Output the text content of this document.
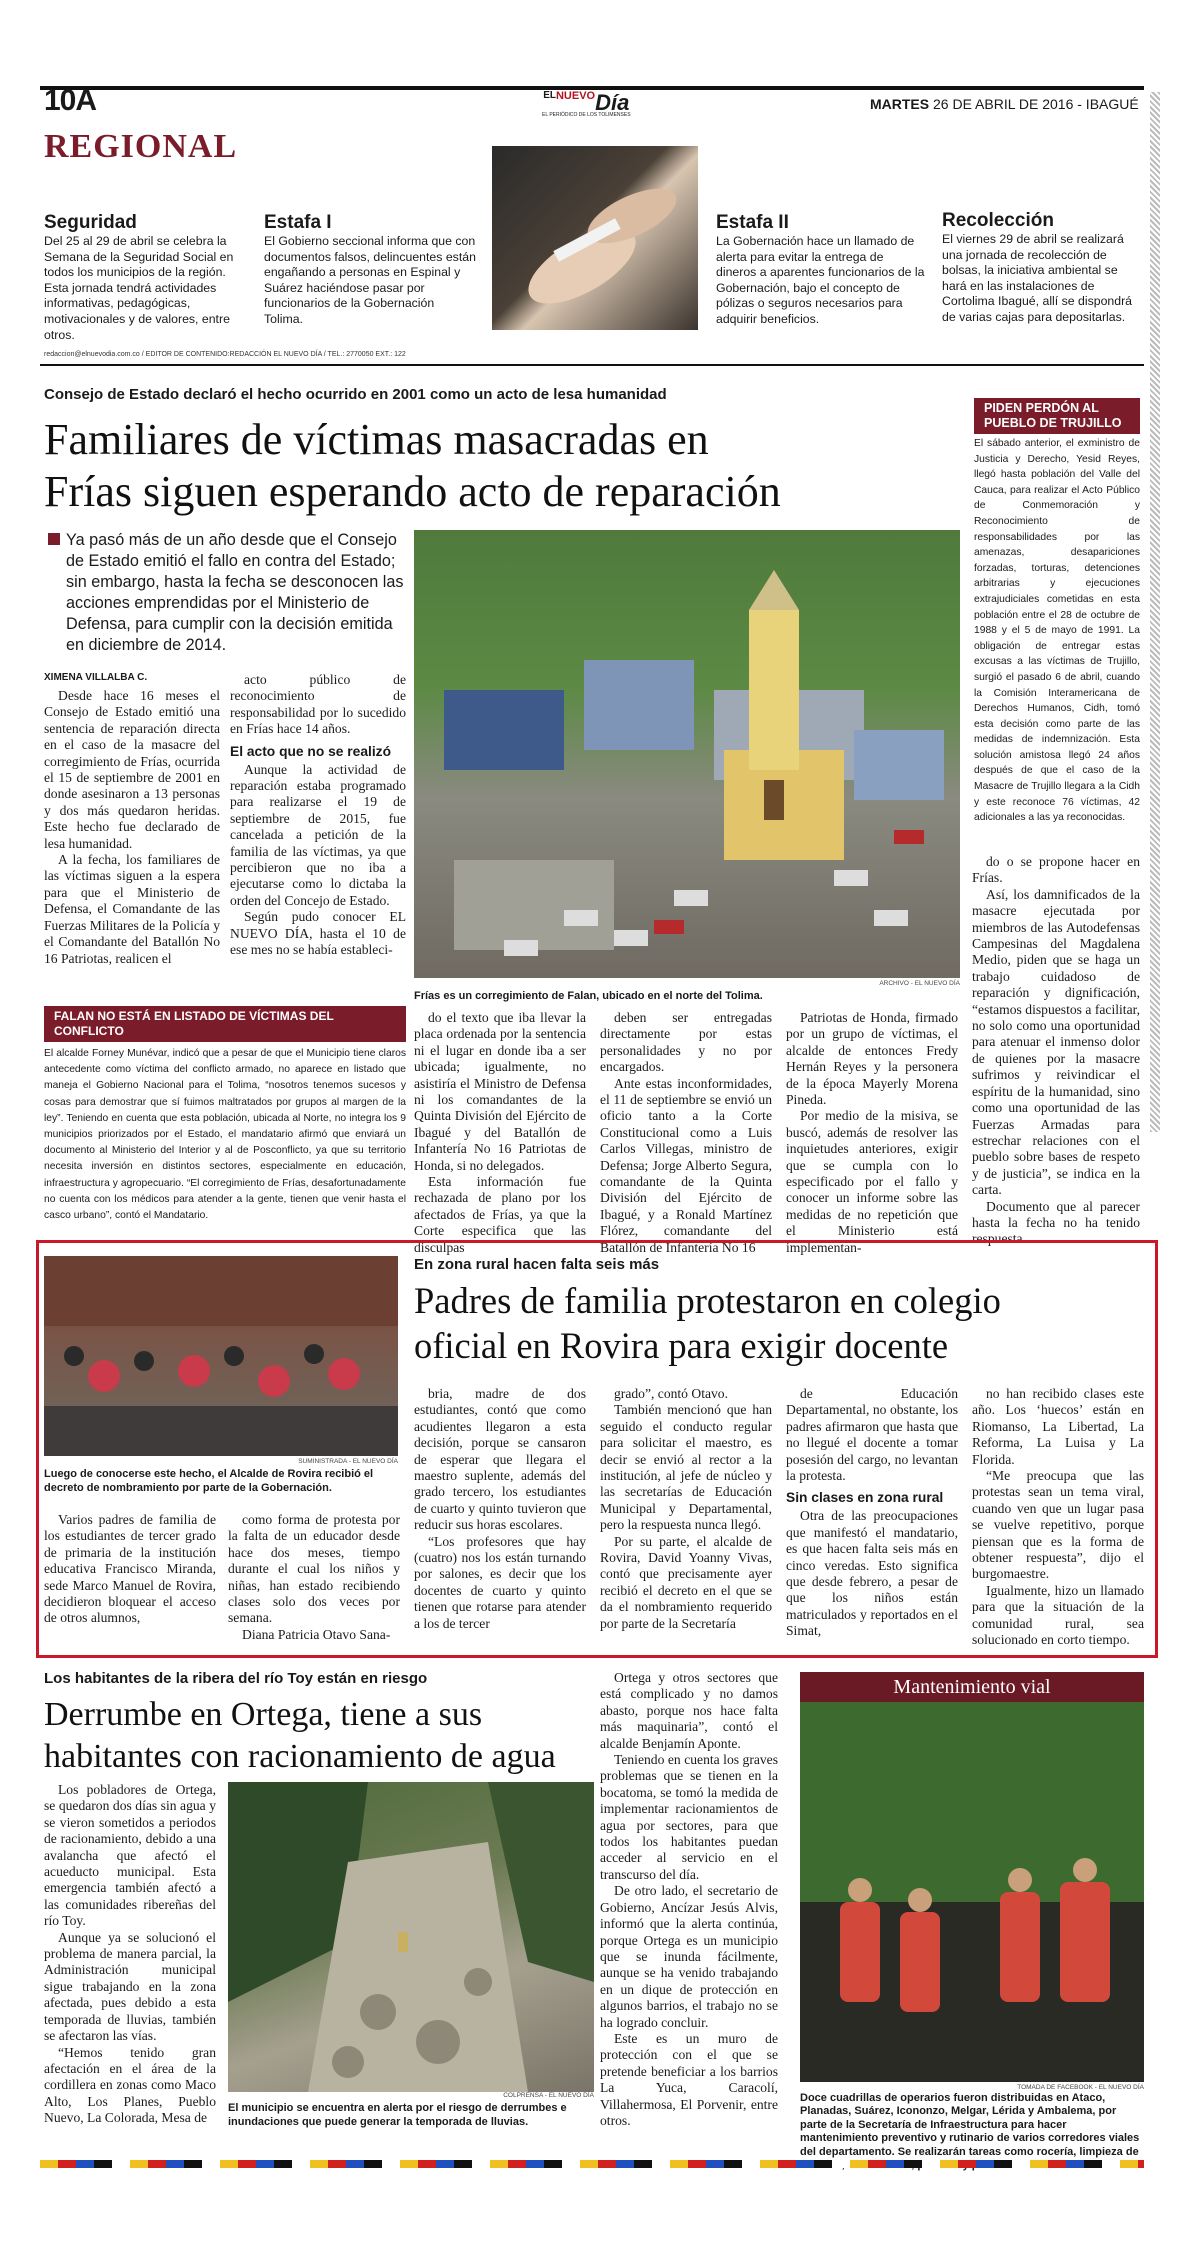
10A
REGIONAL
$^{ELNUEVO}$Día
EL PERIÓDICO DE LOS TOLIMENSES
MARTES 26 DE ABRIL DE 2016 - IBAGUÉ
Seguridad
Del 25 al 29 de abril se celebra la Semana de la Seguridad Social en todos los municipios de la región. Esta jornada tendrá actividades informativas, pedagógicas, motivacionales y de valores, entre otros.
Estafa I
El Gobierno seccional informa que con documentos falsos, delincuentes están engañando a personas en Espinal y Suárez haciéndose pasar por funcionarios de la Gobernación Tolima.
Estafa II
La Gobernación hace un llamado de alerta para evitar la entrega de dineros a aparentes funcionarios de la Gobernación, bajo el concepto de pólizas o seguros necesarios para adquirir beneficios.
Recolección
El viernes 29 de abril se realizará una jornada de recolección de bolsas, la iniciativa ambiental se hará en las instalaciones de Cortolima Ibagué, allí se dispondrá de varias cajas para depositarlas.
redaccion@elnuevodia.com.co / EDITOR DE CONTENIDO:REDACCIÓN EL NUEVO DÍA / TEL.: 2770050 EXT.: 122
Consejo de Estado declaró el hecho ocurrido en 2001 como un acto de lesa humanidad
Familiares de víctimas masacradas en
Frías siguen esperando acto de reparación
Ya pasó más de un año desde que el Consejo de Estado emitió el fallo en contra del Estado; sin embargo, hasta la fecha se desconocen las acciones emprendidas por el Ministerio de Defensa, para cumplir con la decisión emitida en diciembre de 2014.
XIMENA VILLALBA C.

Desde hace 16 meses el Consejo de Estado emitió una sentencia de reparación directa en el caso de la masacre del corregimiento de Frías, ocurrida el 15 de septiembre de 2001 en donde asesinaron a 13 personas y dos más quedaron heridas. Este hecho fue declarado de lesa humanidad.

A la fecha, los familiares de las víctimas siguen a la espera para que el Ministerio de Defensa, el Comandante de las Fuerzas Militares de la Policía y el Comandante del Batallón No 16 Patriotas, realicen el

acto público de reconocimiento de responsabilidad por lo sucedido en Frías hace 14 años.

El acto que no se realizó

Aunque la actividad de reparación estaba programado para realizarse el 19 de septiembre de 2015, fue cancelada a petición de la familia de las víctimas, ya que percibieron que no iba a ejecutarse como lo dictaba la orden del Concejo de Estado.

Según pudo conocer EL NUEVO DÍA, hasta el 10 de ese mes no se había estableci-

ARCHIVO - EL NUEVO DÍA
Frías es un corregimiento de Falan, ubicado en el norte del Tolima.

do el texto que iba llevar la placa ordenada por la sentencia ni el lugar en donde iba a ser ubicada; igualmente, no asistiría el Ministro de Defensa ni los comandantes de la Quinta División del Ejército de Ibagué y del Batallón de Infantería No 16 Patriotas de Honda, si no delegados.

Esta información fue rechazada de plano por los afectados de Frías, ya que la Corte especifica que las disculpas

deben ser entregadas directamente por estas personalidades y no por encargados.

Ante estas inconformidades, el 11 de septiembre se envió un oficio tanto a la Corte Constitucional como a Luis Carlos Villegas, ministro de Defensa; Jorge Alberto Segura, comandante de la Quinta División del Ejército de Ibagué, y a Ronald Martínez Flórez, comandante del Batallón de Infantería No 16

Patriotas de Honda, firmado por un grupo de víctimas, el alcalde de entonces Fredy Hernán Reyes y la personera de la época Mayerly Morena Pineda.

Por medio de la misiva, se buscó, además de resolver las inquietudes anteriores, exigir que se cumpla con lo especificado por el fallo y conocer un informe sobre las medidas de no repetición que el Ministerio está implementan-

do o se propone hacer en Frías.

Así, los damnificados de la masacre ejecutada por miembros de las Autodefensas Campesinas del Magdalena Medio, piden que se haga un trabajo cuidadoso de reparación y dignificación, “estamos dispuestos a facilitar, no solo como una oportunidad para atenuar el inmenso dolor de quienes por la masacre sufrimos y reivindicar el espíritu de la humanidad, sino como una oportunidad de las Fuerzas Armadas para estrechar relaciones con el pueblo sobre bases de respeto y de justicia”, se indica en la carta.

Documento que al parecer hasta la fecha no ha tenido respuesta.

PIDEN PERDÓN AL PUEBLO DE TRUJILLO
El sábado anterior, el exministro de Justicia y Derecho, Yesid Reyes, llegó hasta población del Valle del Cauca, para realizar el Acto Público de Conmemoración y Reconocimiento de responsabilidades por las amenazas, desapariciones forzadas, torturas, detenciones arbitrarias y ejecuciones extrajudiciales cometidas en esta población entre el 28 de octubre de 1988 y el 5 de mayo de 1991. La obligación de entregar estas excusas a las víctimas de Trujillo, surgió el pasado 6 de abril, cuando la Comisión Interamericana de Derechos Humanos, Cidh, tomó esta decisión como parte de las medidas de indemnización. Esta solución amistosa llegó 24 años después de que el caso de la Masacre de Trujillo llegara a la Cidh y este reconoce 76 víctimas, 42 adicionales a las ya reconocidas.
FALAN NO ESTÁ EN LISTADO DE VÍCTIMAS DEL CONFLICTO
El alcalde Forney Munévar, indicó que a pesar de que el Municipio tiene claros antecedente como víctima del conflicto armado, no aparece en listado que maneja el Gobierno Nacional para el Tolima, “nosotros tenemos sucesos y cosas para demostrar que sí fuimos maltratados por grupos al margen de la ley”. Teniendo en cuenta que esta población, ubicada al Norte, no integra los 9 municipios priorizados por el Estado, el mandatario afirmó que enviará un documento al Ministerio del Interior y al de Posconflicto, ya que su territorio necesita inversión en distintos sectores, especialmente en educación, infraestructura y agropecuario. “El corregimiento de Frías, desafortunadamente no cuenta con los médicos para atender a la gente, tienen que venir hasta el casco urbano”, contó el Mandatario.
SUMINISTRADA - EL NUEVO DÍA
Luego de conocerse este hecho, el Alcalde de Rovira recibió el decreto de nombramiento por parte de la Gobernación.
En zona rural hacen falta seis más
Padres de familia protestaron en colegio
oficial en Rovira para exigir docente

Varios padres de familia de los estudiantes de tercer grado de primaria de la institución educativa Francisco Miranda, sede Marco Manuel de Rovira, decidieron bloquear el acceso de otros alumnos,

como forma de protesta por la falta de un educador desde hace dos meses, tiempo durante el cual los niños y niñas, han estado recibiendo clases solo dos veces por semana.

Diana Patricia Otavo Sana-

bria, madre de dos estudiantes, contó que como acudientes llegaron a esta decisión, porque se cansaron de esperar que llegara el maestro suplente, además del grado tercero, los estudiantes de cuarto y quinto tuvieron que reducir sus horas escolares.

“Los profesores que hay (cuatro) nos los están turnando por salones, es decir que los docentes de cuarto y quinto tienen que rotarse para atender a los de tercer

grado”, contó Otavo.

También mencionó que han seguido el conducto regular para solicitar el maestro, es decir se envió al rector a la institución, al jefe de núcleo y las secretarías de Educación Municipal y Departamental, pero la respuesta nunca llegó.

Por su parte, el alcalde de Rovira, David Yoanny Vivas, contó que precisamente ayer recibió el decreto en el que se da el nombramiento requerido por parte de la Secretaría

de Educación Departamental, no obstante, los padres afirmaron que hasta que no llegué el docente a tomar posesión del cargo, no levantan la protesta.

Sin clases en zona rural

Otra de las preocupaciones que manifestó el mandatario, es que hacen falta seis más en cinco veredas. Esto significa que desde febrero, a pesar de que los niños están matriculados y reportados en el Simat,

no han recibido clases este año. Los ‘huecos’ están en Riomanso, La Libertad, La Reforma, La Luisa y La Florida.

“Me preocupa que las protestas sean un tema viral, cuando ven que un lugar pasa se vuelve repetitivo, porque piensan que es la forma de obtener respuesta”, dijo el burgomaestre.

Igualmente, hizo un llamado para que la situación de la comunidad rural, sea solucionado en corto tiempo.

Los habitantes de la ribera del río Toy están en riesgo
Derrumbe en Ortega, tiene a sus
habitantes con racionamiento de agua

Los pobladores de Ortega, se quedaron dos días sin agua y se vieron sometidos a periodos de racionamiento, debido a una avalancha que afectó el acueducto municipal. Esta emergencia también afectó a las comunidades ribereñas del río Toy.

Aunque ya se solucionó el problema de manera parcial, la Administración municipal sigue trabajando en la zona afectada, pues debido a esta temporada de lluvias, también se afectaron las vías.

“Hemos tenido gran afectación en el área de la cordillera en zonas como Maco Alto, Los Planes, Pueblo Nuevo, La Colorada, Mesa de

COLPRENSA - EL NUEVO DÍA
El municipio se encuentra en alerta por el riesgo de derrumbes e inundaciones que puede generar la temporada de lluvias.

Ortega y otros sectores que está complicado y no damos abasto, porque nos hace falta más maquinaria”, contó el alcalde Benjamín Aponte.

Teniendo en cuenta los graves problemas que se tienen en la bocatoma, se tomó la medida de implementar racionamientos de agua por sectores, para que todos los habitantes puedan acceder al servicio en el transcurso del día.

De otro lado, el secretario de Gobierno, Ancízar Jesús Alvis, informó que la alerta continúa, porque Ortega es un municipio que se inunda fácilmente, aunque se ha venido trabajando en un dique de protección en algunos barrios, el trabajo no se ha logrado concluir.

Este es un muro de protección con el que se pretende beneficiar a los barrios La Yuca, Caracolí, Villahermosa, El Porvenir, entre otros.

Mantenimiento vial
TOMADA DE FACEBOOK - EL NUEVO DÍA
Doce cuadrillas de operarios fueron distribuidas en Ataco, Planadas, Suárez, Icononzo, Melgar, Lérida y Ambalema, por parte de la Secretaría de Infraestructura para hacer mantenimiento preventivo y rutinario de varios corredores viales del departamento. Se realizarán tareas como rocería, limpieza de
